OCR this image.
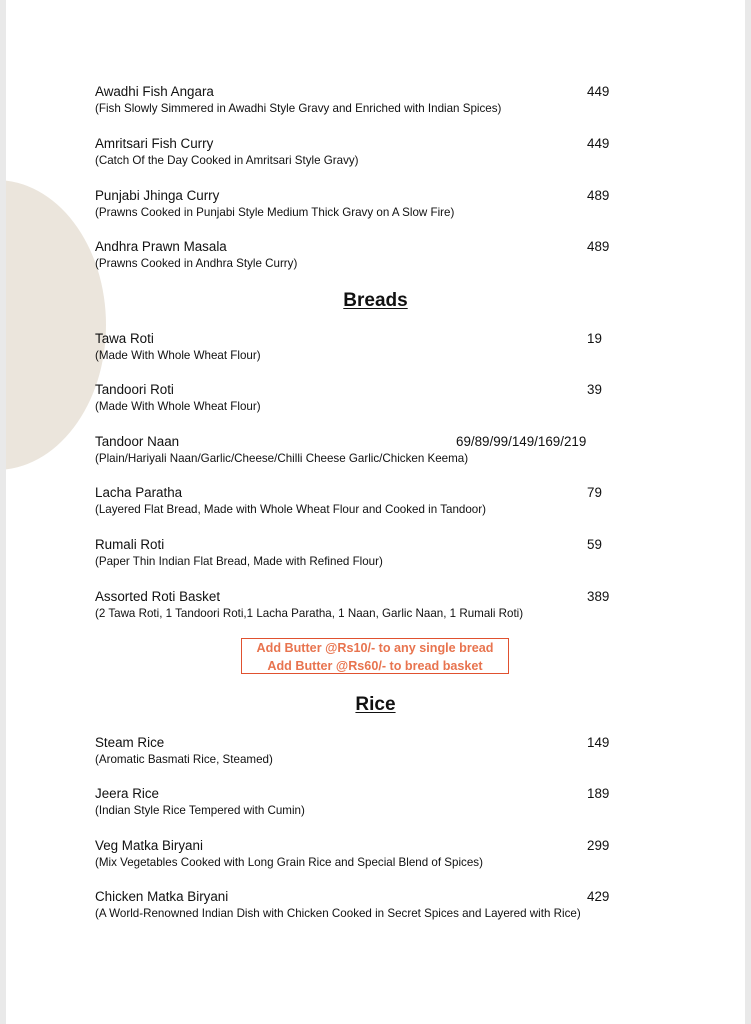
Awadhi Fish Angara
(Fish Slowly Simmered in Awadhi Style Gravy and Enriched with Indian Spices)
449
Amritsari Fish Curry
(Catch Of the Day Cooked in Amritsari Style Gravy)
449
Punjabi Jhinga Curry
(Prawns Cooked in Punjabi Style Medium Thick Gravy on A Slow Fire)
489
Andhra Prawn Masala
(Prawns Cooked in Andhra Style Curry)
489
Breads
Tawa Roti
(Made With Whole Wheat Flour)
19
Tandoori Roti
(Made With Whole Wheat Flour)
39
Tandoor Naan
(Plain/Hariyali Naan/Garlic/Cheese/Chilli Cheese Garlic/Chicken Keema)
69/89/99/149/169/219
Lacha Paratha
(Layered Flat Bread, Made with Whole Wheat Flour and Cooked in Tandoor)
79
Rumali Roti
(Paper Thin Indian Flat Bread, Made with Refined Flour)
59
Assorted Roti Basket
(2 Tawa Roti, 1 Tandoori Roti,1 Lacha Paratha, 1 Naan, Garlic Naan, 1 Rumali Roti)
389
Add Butter @Rs10/- to any single bread
Add Butter @Rs60/- to bread basket
Rice
Steam Rice
(Aromatic Basmati Rice, Steamed)
149
Jeera Rice
(Indian Style Rice Tempered with Cumin)
189
Veg Matka Biryani
(Mix Vegetables Cooked with Long Grain Rice and Special Blend of Spices)
299
Chicken Matka Biryani
(A World-Renowned Indian Dish with Chicken Cooked in Secret Spices and Layered with Rice)
429
